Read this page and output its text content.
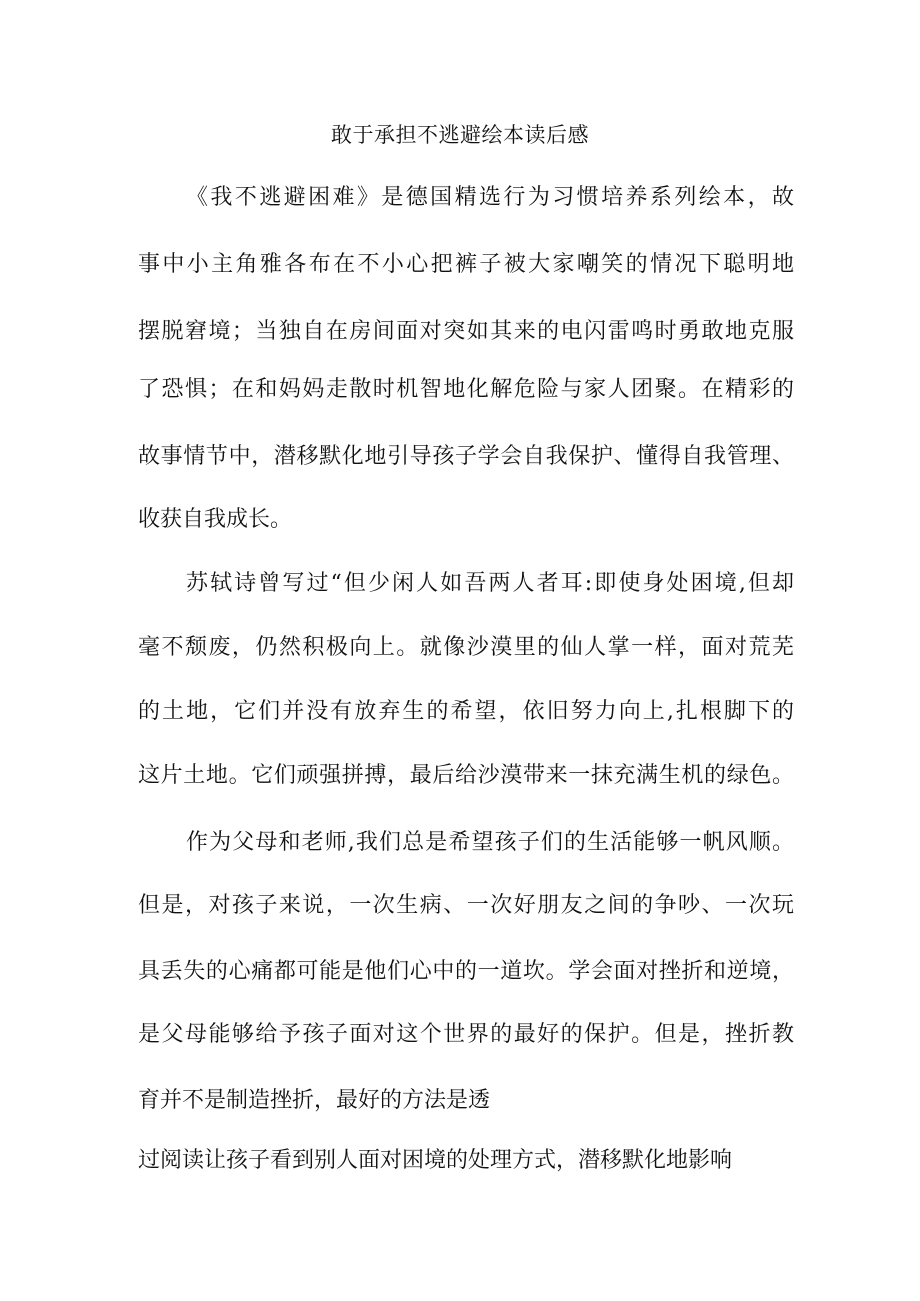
敢于承担不逃避绘本读后感
《我不逃避困难》是德国精选行为习惯培养系列绘本，故
事中小主角雅各布在不小心把裤子被大家嘲笑的情况下聪明地
摆脱窘境；当独自在房间面对突如其来的电闪雷鸣时勇敢地克服
了恐惧；在和妈妈走散时机智地化解危险与家人团聚。在精彩的
故事情节中，潜移默化地引导孩子学会自我保护、懂得自我管理、
收获自我成长。
苏轼诗曾写过“但少闲人如吾两人者耳:即使身处困境,但却
毫不颓废，仍然积极向上。就像沙漠里的仙人掌一样，面对荒芜
的土地，它们并没有放弃生的希望，依旧努力向上,扎根脚下的
这片土地。它们顽强拼搏，最后给沙漠带来一抹充满生机的绿色。
作为父母和老师,我们总是希望孩子们的生活能够一帆风顺。
但是，对孩子来说，一次生病、一次好朋友之间的争吵、一次玩
具丢失的心痛都可能是他们心中的一道坎。学会面对挫折和逆境，
是父母能够给予孩子面对这个世界的最好的保护。但是，挫折教
育并不是制造挫折，最好的方法是透
过阅读让孩子看到别人面对困境的处理方式，潜移默化地影响
